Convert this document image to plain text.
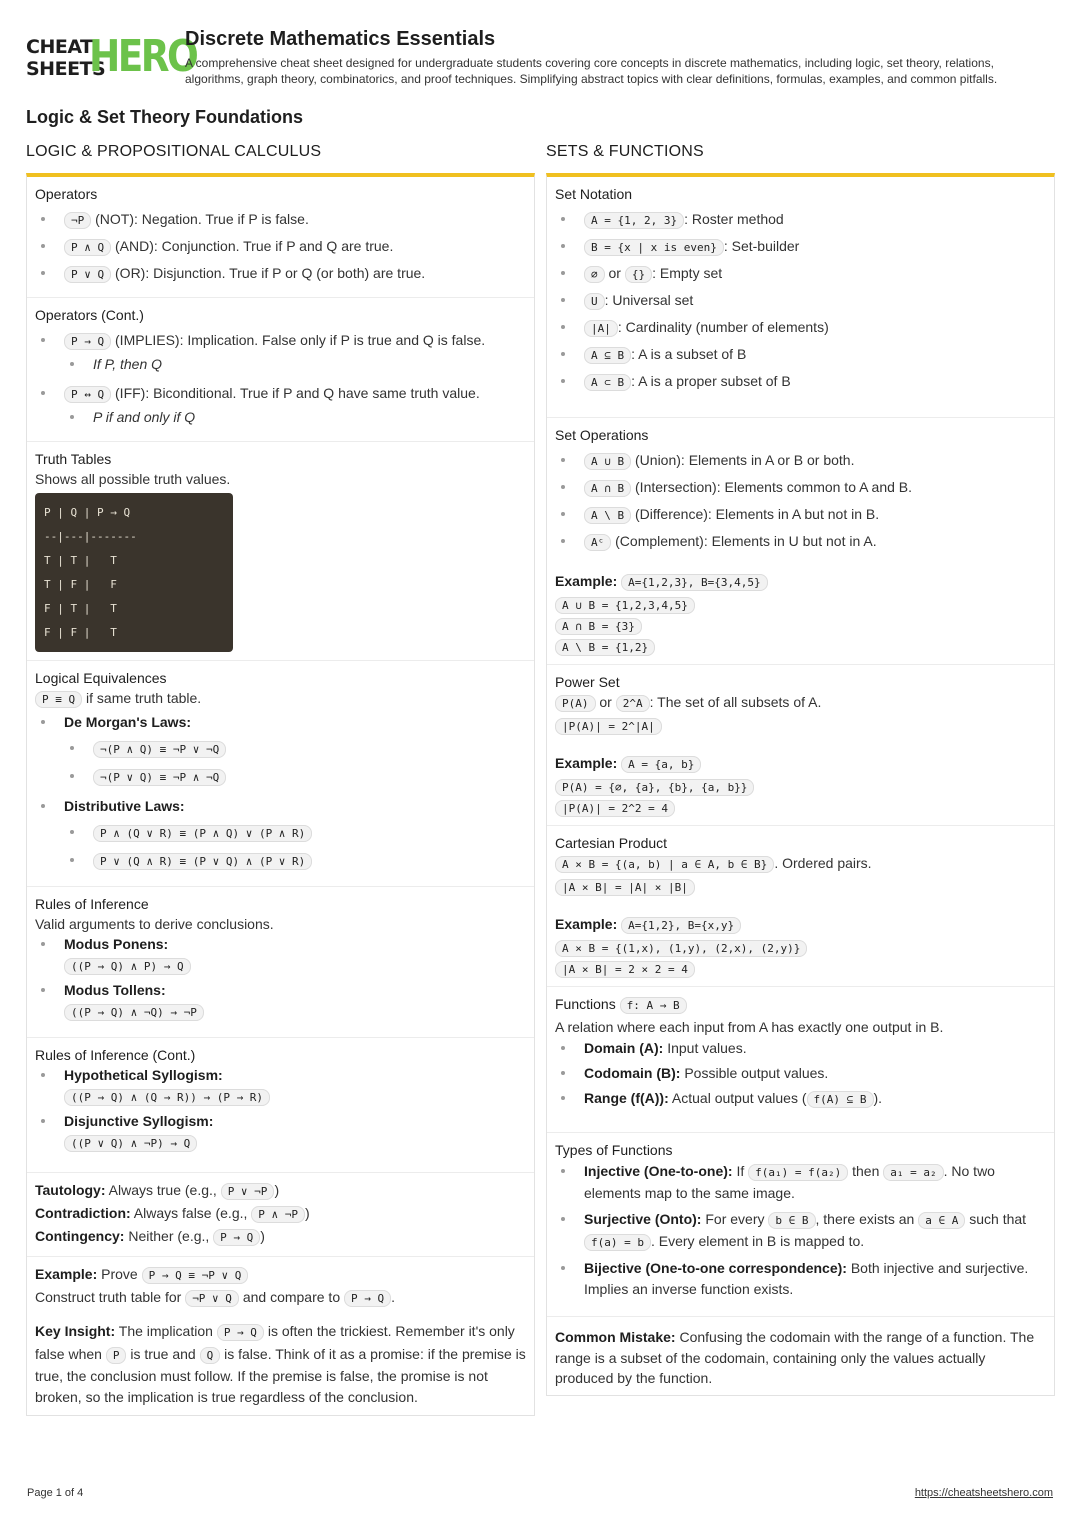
CHEAT
SHEETS
HERO
Discrete Mathematics Essentials
A comprehensive cheat sheet designed for undergraduate students covering core concepts in discrete mathematics, including logic, set theory, relations, algorithms, graph theory, combinatorics, and proof techniques. Simplifying abstract topics with clear definitions, formulas, examples, and common pitfalls.
Logic & Set Theory Foundations
LOGIC & PROPOSITIONAL CALCULUS
Operators
¬P (NOT): Negation. True if P is false.
P ∧ Q (AND): Conjunction. True if P and Q are true.
P ∨ Q (OR): Disjunction. True if P or Q (or both) are true.
Operators (Cont.)
P → Q (IMPLIES): Implication. False only if P is true and Q is false.
If P, then Q
P ↔ Q (IFF): Biconditional. True if P and Q have same truth value.
P if and only if Q
Truth Tables
Shows all possible truth values.
P | Q | P → Q
--|---|-------
T | T |   T
T | F |   F
F | T |   T
F | F |   T
Logical Equivalences
P ≡ Q if same truth table.
De Morgan's Laws:
¬(P ∧ Q) ≡ ¬P ∨ ¬Q
¬(P ∨ Q) ≡ ¬P ∧ ¬Q
Distributive Laws:
P ∧ (Q ∨ R) ≡ (P ∧ Q) ∨ (P ∧ R)
P ∨ (Q ∧ R) ≡ (P ∨ Q) ∧ (P ∨ R)
Rules of Inference
Valid arguments to derive conclusions.
Modus Ponens:
((P → Q) ∧ P) → Q
Modus Tollens:
((P → Q) ∧ ¬Q) → ¬P
Rules of Inference (Cont.)
Hypothetical Syllogism:
((P → Q) ∧ (Q → R)) → (P → R)
Disjunctive Syllogism:
((P ∨ Q) ∧ ¬P) → Q
Tautology: Always true (e.g., P ∨ ¬P )
Contradiction: Always false (e.g., P ∧ ¬P )
Contingency: Neither (e.g., P → Q )
Example: Prove P → Q ≡ ¬P ∨ Q
Construct truth table for ¬P ∨ Q and compare to P → Q .
Key Insight: The implication P → Q is often the trickiest. Remember it's only false when P is true and Q is false. Think of it as a promise: if the premise is true, the conclusion must follow. If the premise is false, the promise is not broken, so the implication is true regardless of the conclusion.
SETS & FUNCTIONS
Set Notation
A = {1, 2, 3} : Roster method
B = {x | x is even} : Set-builder
∅ or {} : Empty set
U : Universal set
|A| : Cardinality (number of elements)
A ⊆ B : A is a subset of B
A ⊂ B : A is a proper subset of B
Set Operations
A ∪ B (Union): Elements in A or B or both.
A ∩ B (Intersection): Elements common to A and B.
A \ B (Difference): Elements in A but not in B.
Aᶜ (Complement): Elements in U but not in A.
Example: A={1,2,3}, B={3,4,5}
A ∪ B = {1,2,3,4,5}
A ∩ B = {3}
A \ B = {1,2}
Power Set
P(A) or 2^A : The set of all subsets of A.
|P(A)| = 2^|A|
Example: A = {a, b}
P(A) = {∅, {a}, {b}, {a, b}}
|P(A)| = 2^2 = 4
Cartesian Product
A × B = {(a, b) | a ∈ A, b ∈ B} . Ordered pairs.
|A × B| = |A| × |B|
Example: A={1,2}, B={x,y}
A × B = {(1,x), (1,y), (2,x), (2,y)}
|A × B| = 2 × 2 = 4
Functions f: A → B
A relation where each input from A has exactly one output in B.
Domain (A): Input values.
Codomain (B): Possible output values.
Range (f(A)): Actual output values ( f(A) ⊆ B ).
Types of Functions
Injective (One-to-one): If f(a₁) = f(a₂) then a₁ = a₂ . No two elements map to the same image.
Surjective (Onto): For every b ∈ B , there exists an a ∈ A such that f(a) = b . Every element in B is mapped to.
Bijective (One-to-one correspondence): Both injective and surjective. Implies an inverse function exists.
Common Mistake: Confusing the codomain with the range of a function. The range is a subset of the codomain, containing only the values actually produced by the function.
Page 1 of 4	https://cheatsheetshero.com
